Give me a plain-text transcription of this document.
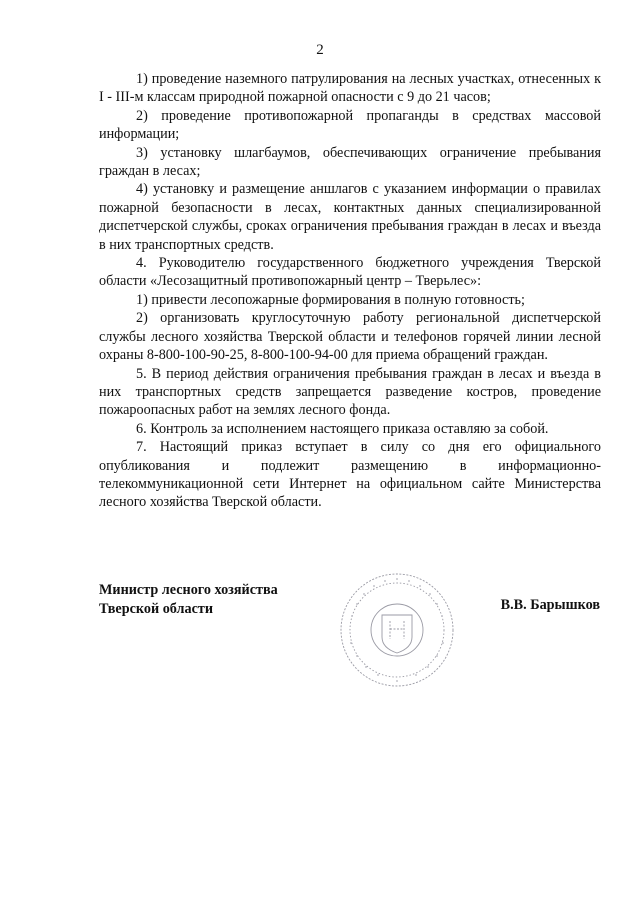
2

1) проведение наземного патрулирования на лесных участках, отнесенных к I - III-м классам природной пожарной опасности с 9 до 21 часов;

2) проведение противопожарной пропаганды в средствах массовой информации;

3) установку шлагбаумов, обеспечивающих ограничение пребывания граждан в лесах;

4) установку и размещение аншлагов с указанием информации о правилах пожарной безопасности в лесах, контактных данных специализированной диспетчерской службы, сроках ограничения пребывания граждан в лесах и въезда в них транспортных средств.

4. Руководителю государственного бюджетного учреждения Тверской области «Лесозащитный противопожарный центр – Тверьлес»:

1) привести лесопожарные формирования в полную готовность;

2) организовать круглосуточную работу региональной диспетчерской службы лесного хозяйства Тверской области и телефонов горячей линии лесной охраны 8-800-100-90-25, 8-800-100-94-00 для приема обращений граждан.

5. В период действия ограничения пребывания граждан в лесах и въезда в них транспортных средств запрещается разведение костров, проведение пожароопасных работ на землях лесного фонда.

6. Контроль за исполнением настоящего приказа оставляю за собой.

7. Настоящий приказ вступает в силу со дня его официального опубликования и подлежит размещению в информационно-телекоммуникационной сети Интернет на официальном сайте Министерства лесного хозяйства Тверской области.

Министр лесного хозяйства
Тверской области	В.В. Барышков
